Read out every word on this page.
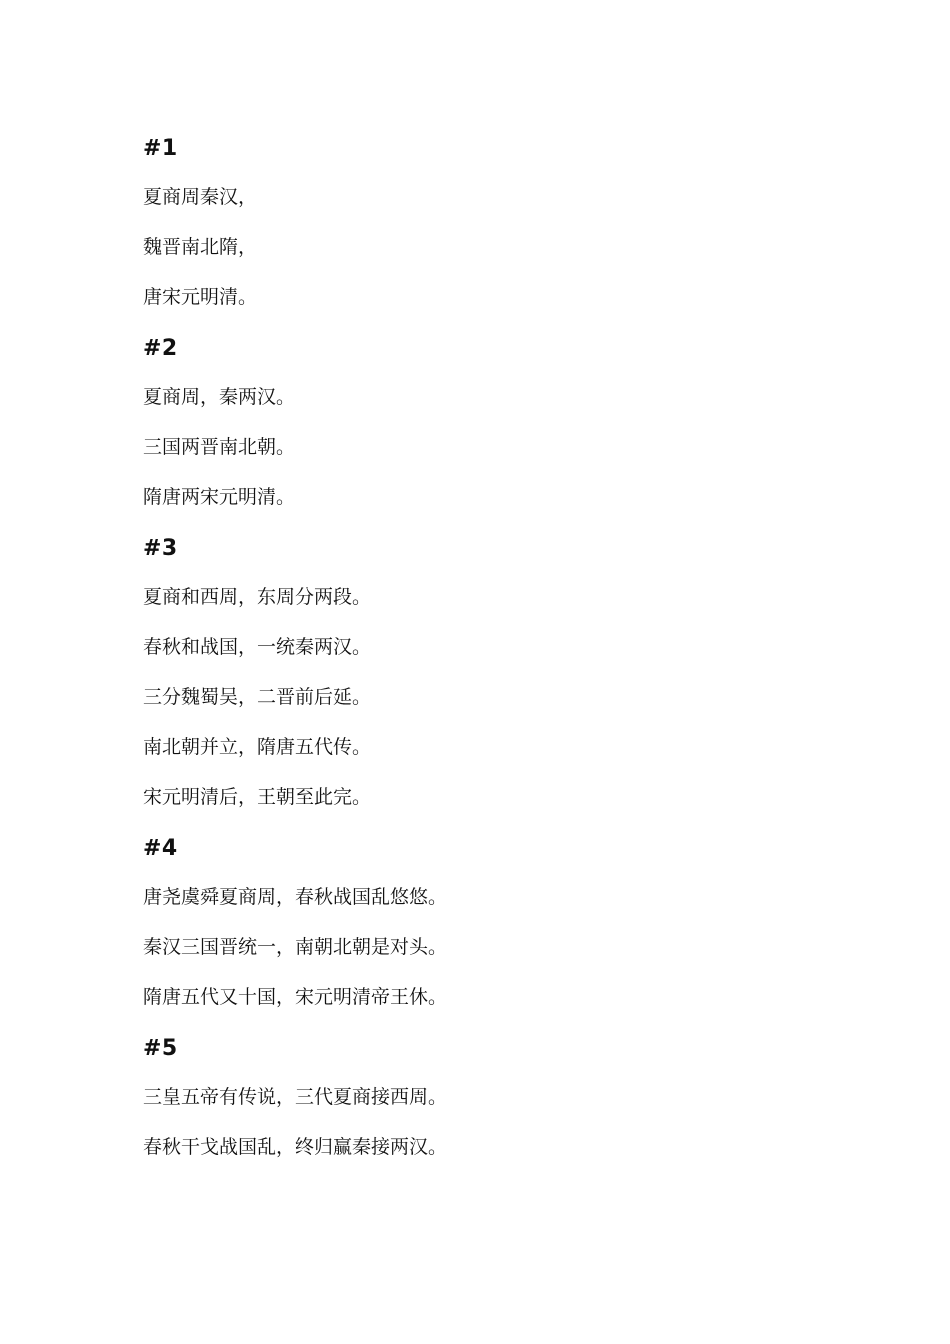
#1
夏商周秦汉，
魏晋南北隋，
唐宋元明清。
#2
夏商周，秦两汉。
三国两晋南北朝。
隋唐两宋元明清。
#3
夏商和西周，东周分两段。
春秋和战国，一统秦两汉。
三分魏蜀吴，二晋前后延。
南北朝并立，隋唐五代传。
宋元明清后，王朝至此完。
#4
唐尧虞舜夏商周，春秋战国乱悠悠。
秦汉三国晋统一，南朝北朝是对头。
隋唐五代又十国，宋元明清帝王休。
#5
三皇五帝有传说，三代夏商接西周。
春秋干戈战国乱，终归赢秦接两汉。
